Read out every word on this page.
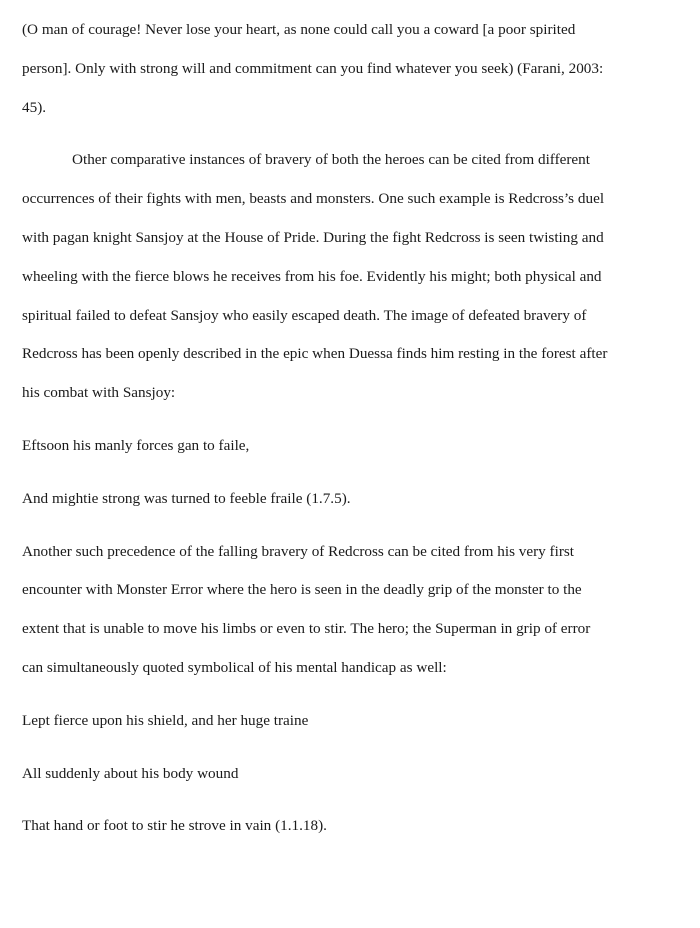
(O man of courage! Never lose your heart, as none could call you a coward [a poor spirited
person]. Only with strong will and commitment can you find whatever you seek) (Farani, 2003:
45).

Other comparative instances of bravery of both the heroes can be cited from different
occurrences of their fights with men, beasts and monsters. One such example is Redcross’s duel
with pagan knight Sansjoy at the House of Pride. During the fight Redcross is seen twisting and
wheeling with the fierce blows he receives from his foe. Evidently his might; both physical and
spiritual failed to defeat Sansjoy who easily escaped death. The image of defeated bravery of
Redcross has been openly described in the epic when Duessa finds him resting in the forest after
his combat with Sansjoy:

Eftsoon his manly forces gan to faile,
And mightie strong was turned to feeble fraile (1.7.5).

Another such precedence of the falling bravery of Redcross can be cited from his very first
encounter with Monster Error where the hero is seen in the deadly grip of the monster to the
extent that is unable to move his limbs or even to stir. The hero; the Superman in grip of error
can simultaneously quoted symbolical of his mental handicap as well:

Lept fierce upon his shield, and her huge traine
All suddenly about his body wound
That hand or foot to stir he strove in vain (1.1.18).
